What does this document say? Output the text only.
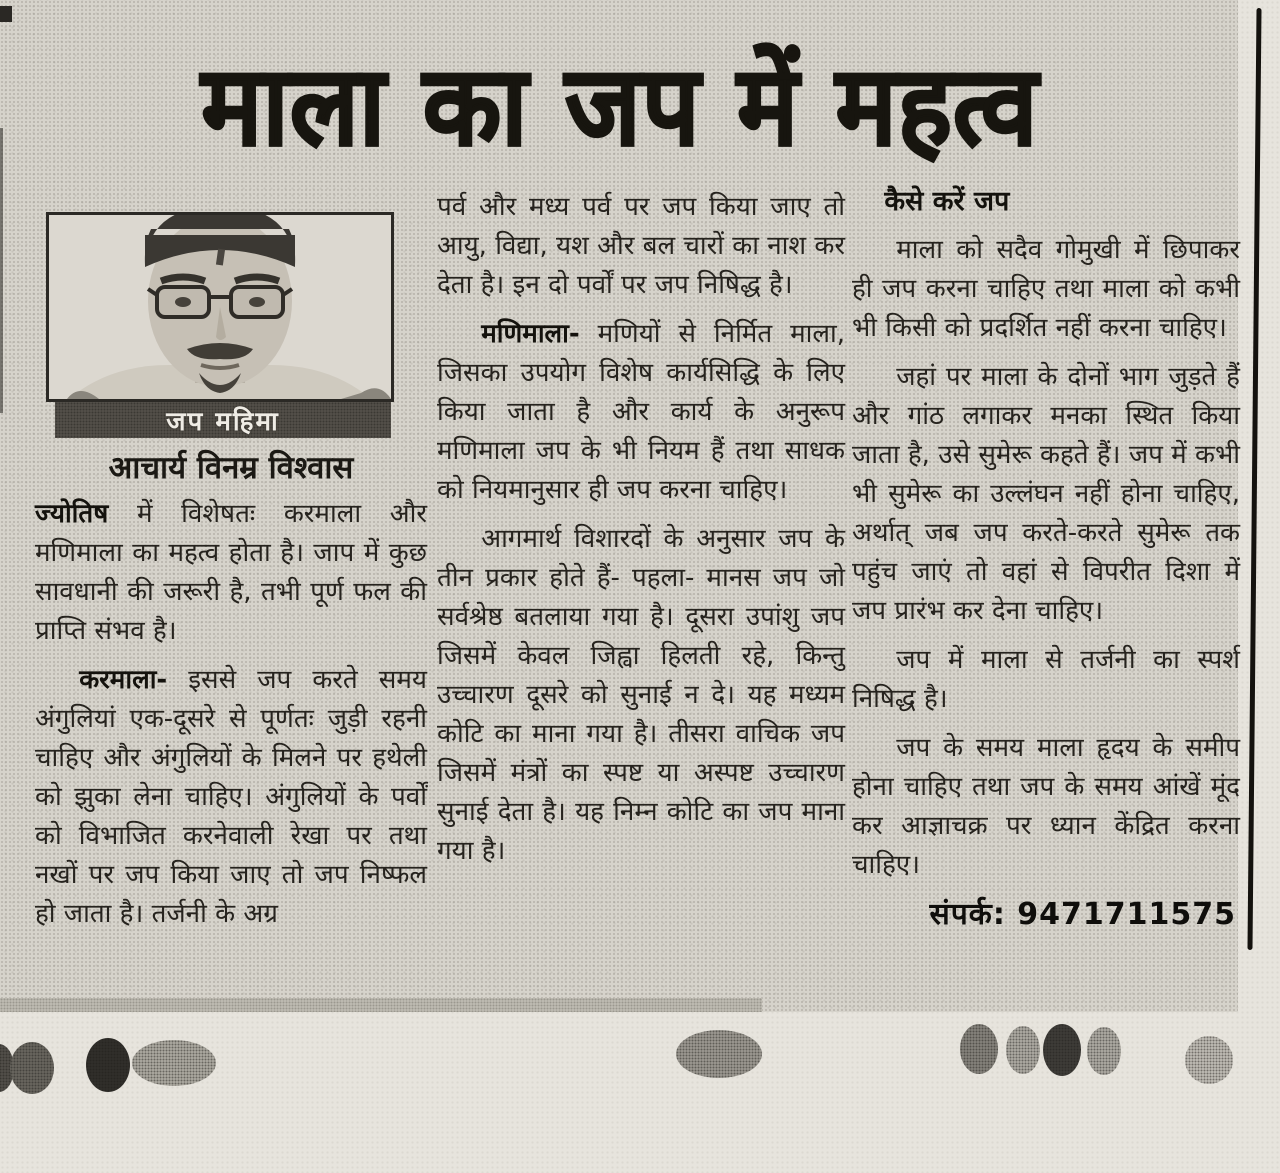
माला का जप में महत्व
जप महिमा
आचार्य विनम्र विश्वास

ज्योतिष में विशेषतः करमाला और मणिमाला का महत्व होता है। जाप में कुछ सावधानी की जरूरी है, तभी पूर्ण फल की प्राप्ति संभव है।

करमाला- इससे जप करते समय अंगुलियां एक-दूसरे से पूर्णतः जुड़ी रहनी चाहिए और अंगुलियों के मिलने पर हथेली को झुका लेना चाहिए। अंगुलियों के पर्वों को विभाजित करनेवाली रेखा पर तथा नखों पर जप किया जाए तो जप निष्फल हो जाता है। तर्जनी के अग्र

पर्व और मध्य पर्व पर जप किया जाए तो आयु, विद्या, यश और बल चारों का नाश कर देता है। इन दो पर्वों पर जप निषिद्ध है।

मणिमाला- मणियों से निर्मित माला, जिसका उपयोग विशेष कार्यसिद्धि के लिए किया जाता है और कार्य के अनुरूप मणिमाला जप के भी नियम हैं तथा साधक को नियमानुसार ही जप करना चाहिए।

आगमार्थ विशारदों के अनुसार जप के तीन प्रकार होते हैं- पहला- मानस जप जो सर्वश्रेष्ठ बतलाया गया है। दूसरा उपांशु जप जिसमें केवल जिह्वा हिलती रहे, किन्तु उच्चारण दूसरे को सुनाई न दे। यह मध्यम कोटि का माना गया है। तीसरा वाचिक जप जिसमें मंत्रों का स्पष्ट या अस्पष्ट उच्चारण सुनाई देता है। यह निम्न कोटि का जप माना गया है।

कैसे करें जप

माला को सदैव गोमुखी में छिपाकर ही जप करना चाहिए तथा माला को कभी भी किसी को प्रदर्शित नहीं करना चाहिए।

जहां पर माला के दोनों भाग जुड़ते हैं और गांठ लगाकर मनका स्थित किया जाता है, उसे सुमेरू कहते हैं। जप में कभी भी सुमेरू का उल्लंघन नहीं होना चाहिए, अर्थात् जब जप करते-करते सुमेरू तक पहुंच जाएं तो वहां से विपरीत दिशा में जप प्रारंभ कर देना चाहिए।

जप में माला से तर्जनी का स्पर्श निषिद्ध है।

जप के समय माला हृदय के समीप होना चाहिए तथा जप के समय आंखें मूंद कर आज्ञाचक्र पर ध्यान केंद्रित करना चाहिए।

संपर्क: 9471711575
